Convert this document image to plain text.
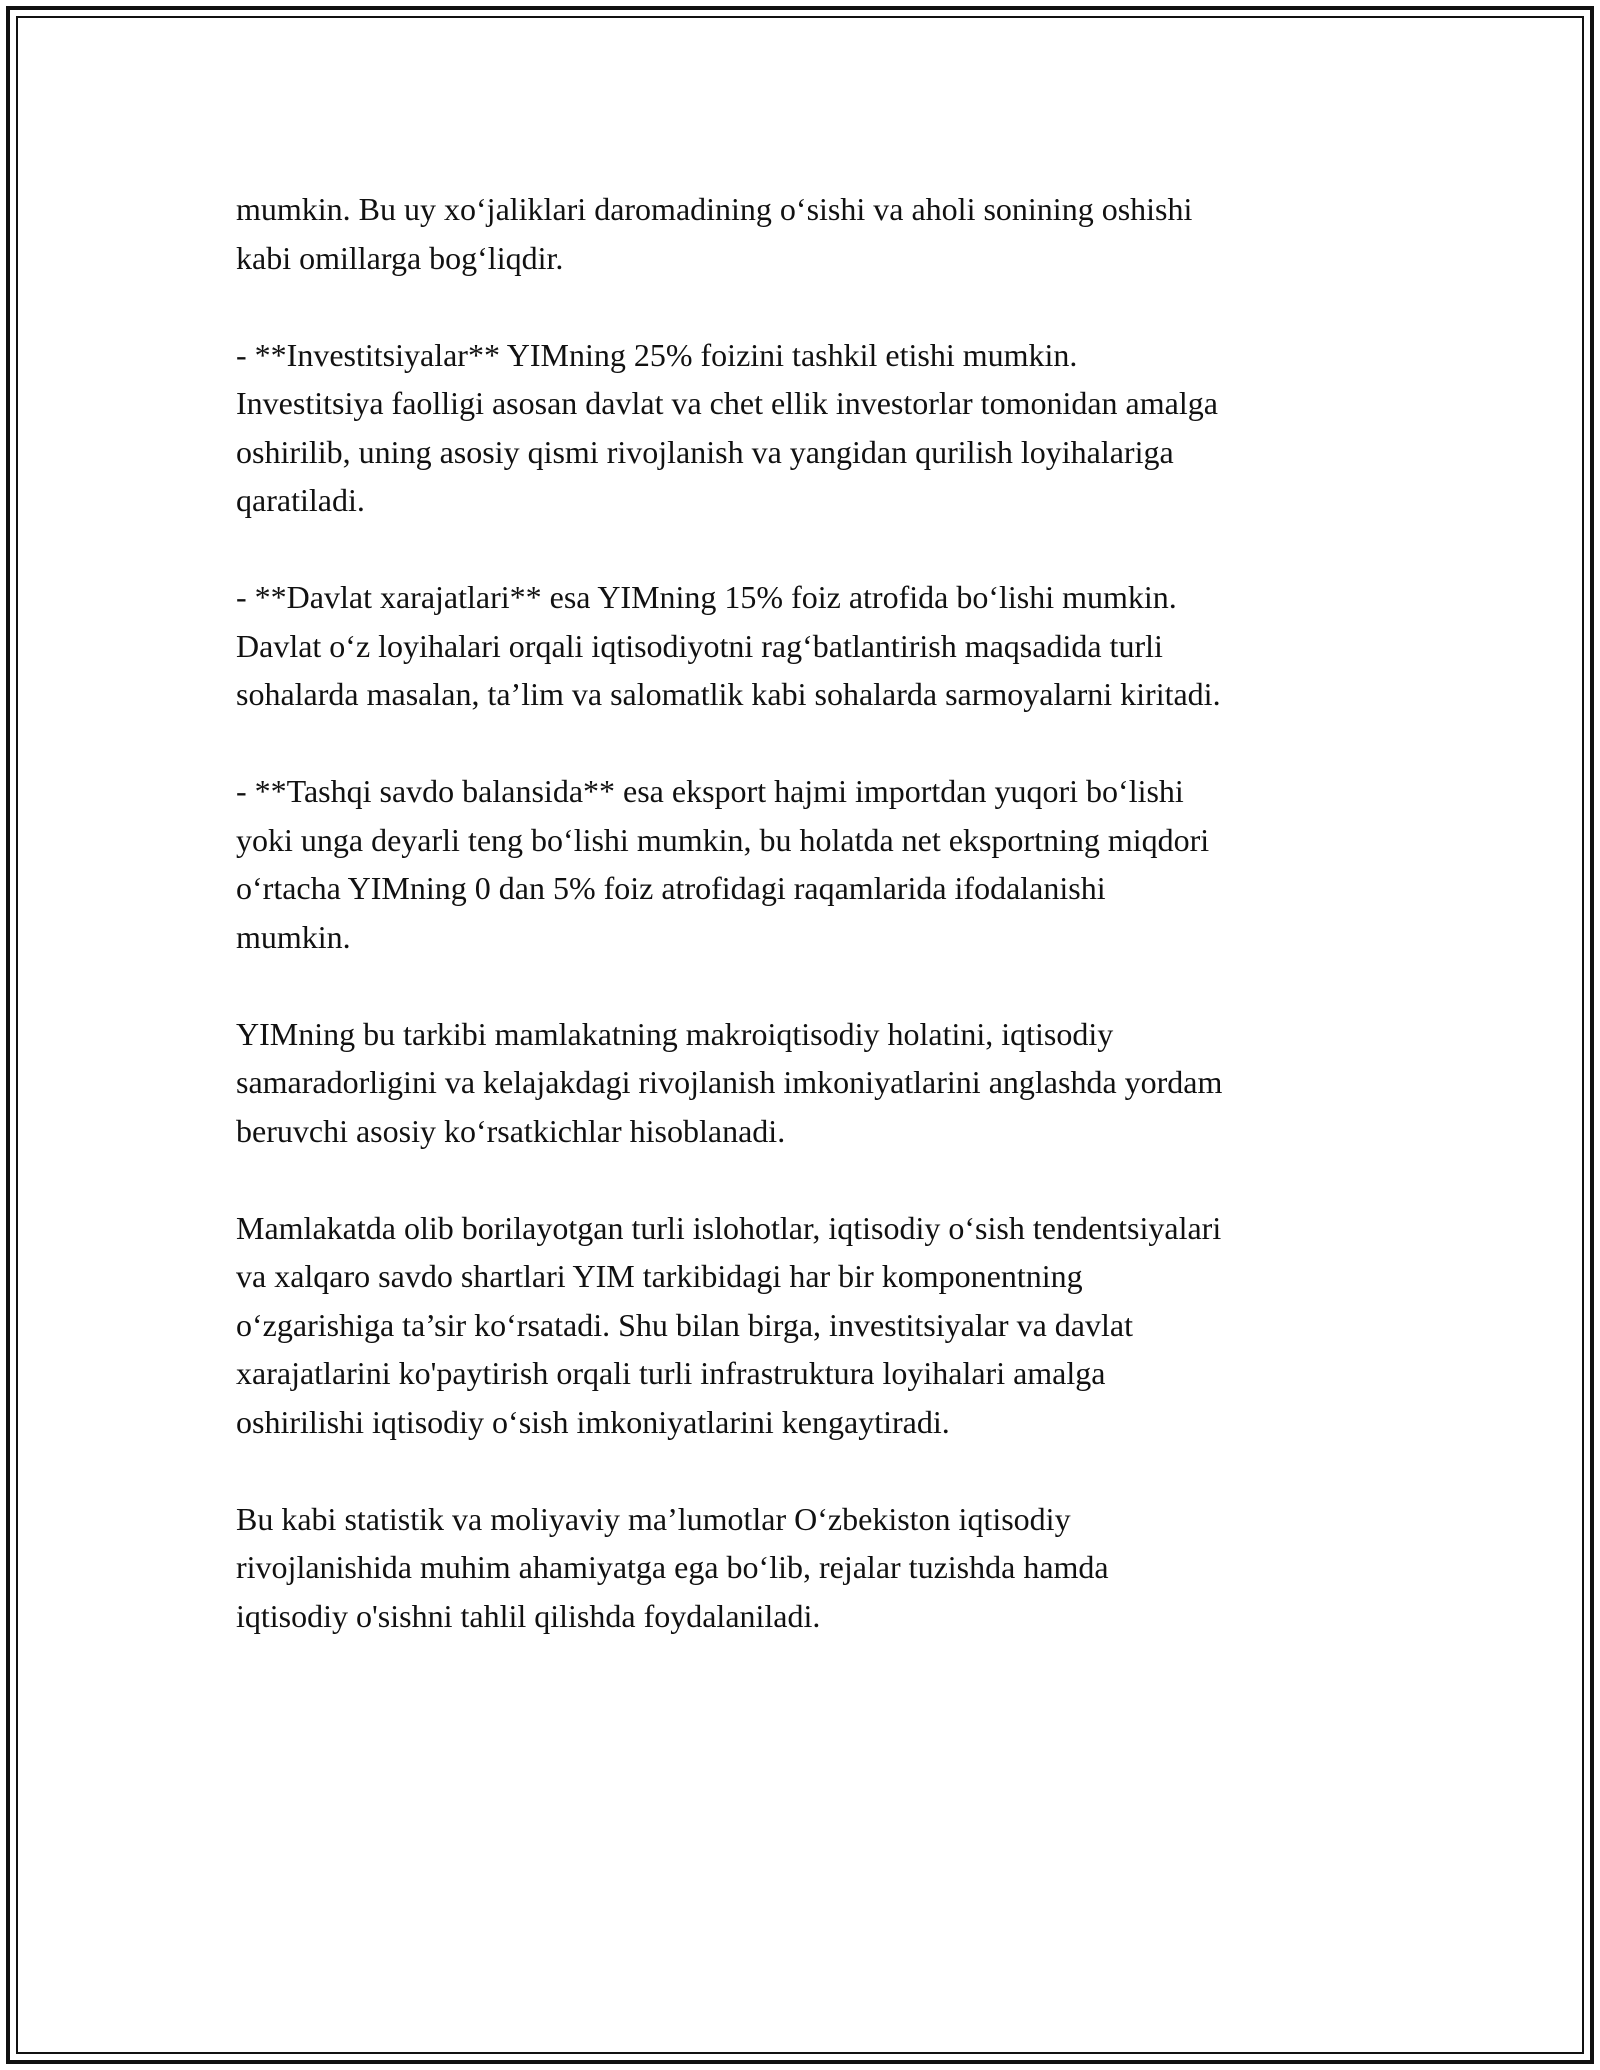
mumkin. Bu uy xoʻjaliklari daromadining oʻsishi va aholi sonining oshishi
kabi omillarga bogʻliqdir.

- **Investitsiyalar** YIMning 25% foizini tashkil etishi mumkin.
Investitsiya faolligi asosan davlat va chet ellik investorlar tomonidan amalga
oshirilib, uning asosiy qismi rivojlanish va yangidan qurilish loyihalariga
qaratiladi.

- **Davlat xarajatlari** esa YIMning 15% foiz atrofida boʻlishi mumkin.
Davlat oʻz loyihalari orqali iqtisodiyotni ragʻbatlantirish maqsadida turli
sohalarda masalan, ta’lim va salomatlik kabi sohalarda sarmoyalarni kiritadi.

- **Tashqi savdo balansida** esa eksport hajmi importdan yuqori boʻlishi
yoki unga deyarli teng boʻlishi mumkin, bu holatda net eksportning miqdori
oʻrtacha YIMning 0 dan 5% foiz atrofidagi raqamlarida ifodalanishi
mumkin.

YIMning bu tarkibi mamlakatning makroiqtisodiy holatini, iqtisodiy
samaradorligini va kelajakdagi rivojlanish imkoniyatlarini anglashda yordam
beruvchi asosiy koʻrsatkichlar hisoblanadi.

Mamlakatda olib borilayotgan turli islohotlar, iqtisodiy oʻsish tendentsiyalari
va xalqaro savdo shartlari YIM tarkibidagi har bir komponentning
oʻzgarishiga ta’sir koʻrsatadi. Shu bilan birga, investitsiyalar va davlat
xarajatlarini ko'paytirish orqali turli infrastruktura loyihalari amalga
oshirilishi iqtisodiy oʻsish imkoniyatlarini kengaytiradi.

Bu kabi statistik va moliyaviy ma’lumotlar Oʻzbekiston iqtisodiy
rivojlanishida muhim ahamiyatga ega boʻlib, rejalar tuzishda hamda
iqtisodiy o'sishni tahlil qilishda foydalaniladi.
